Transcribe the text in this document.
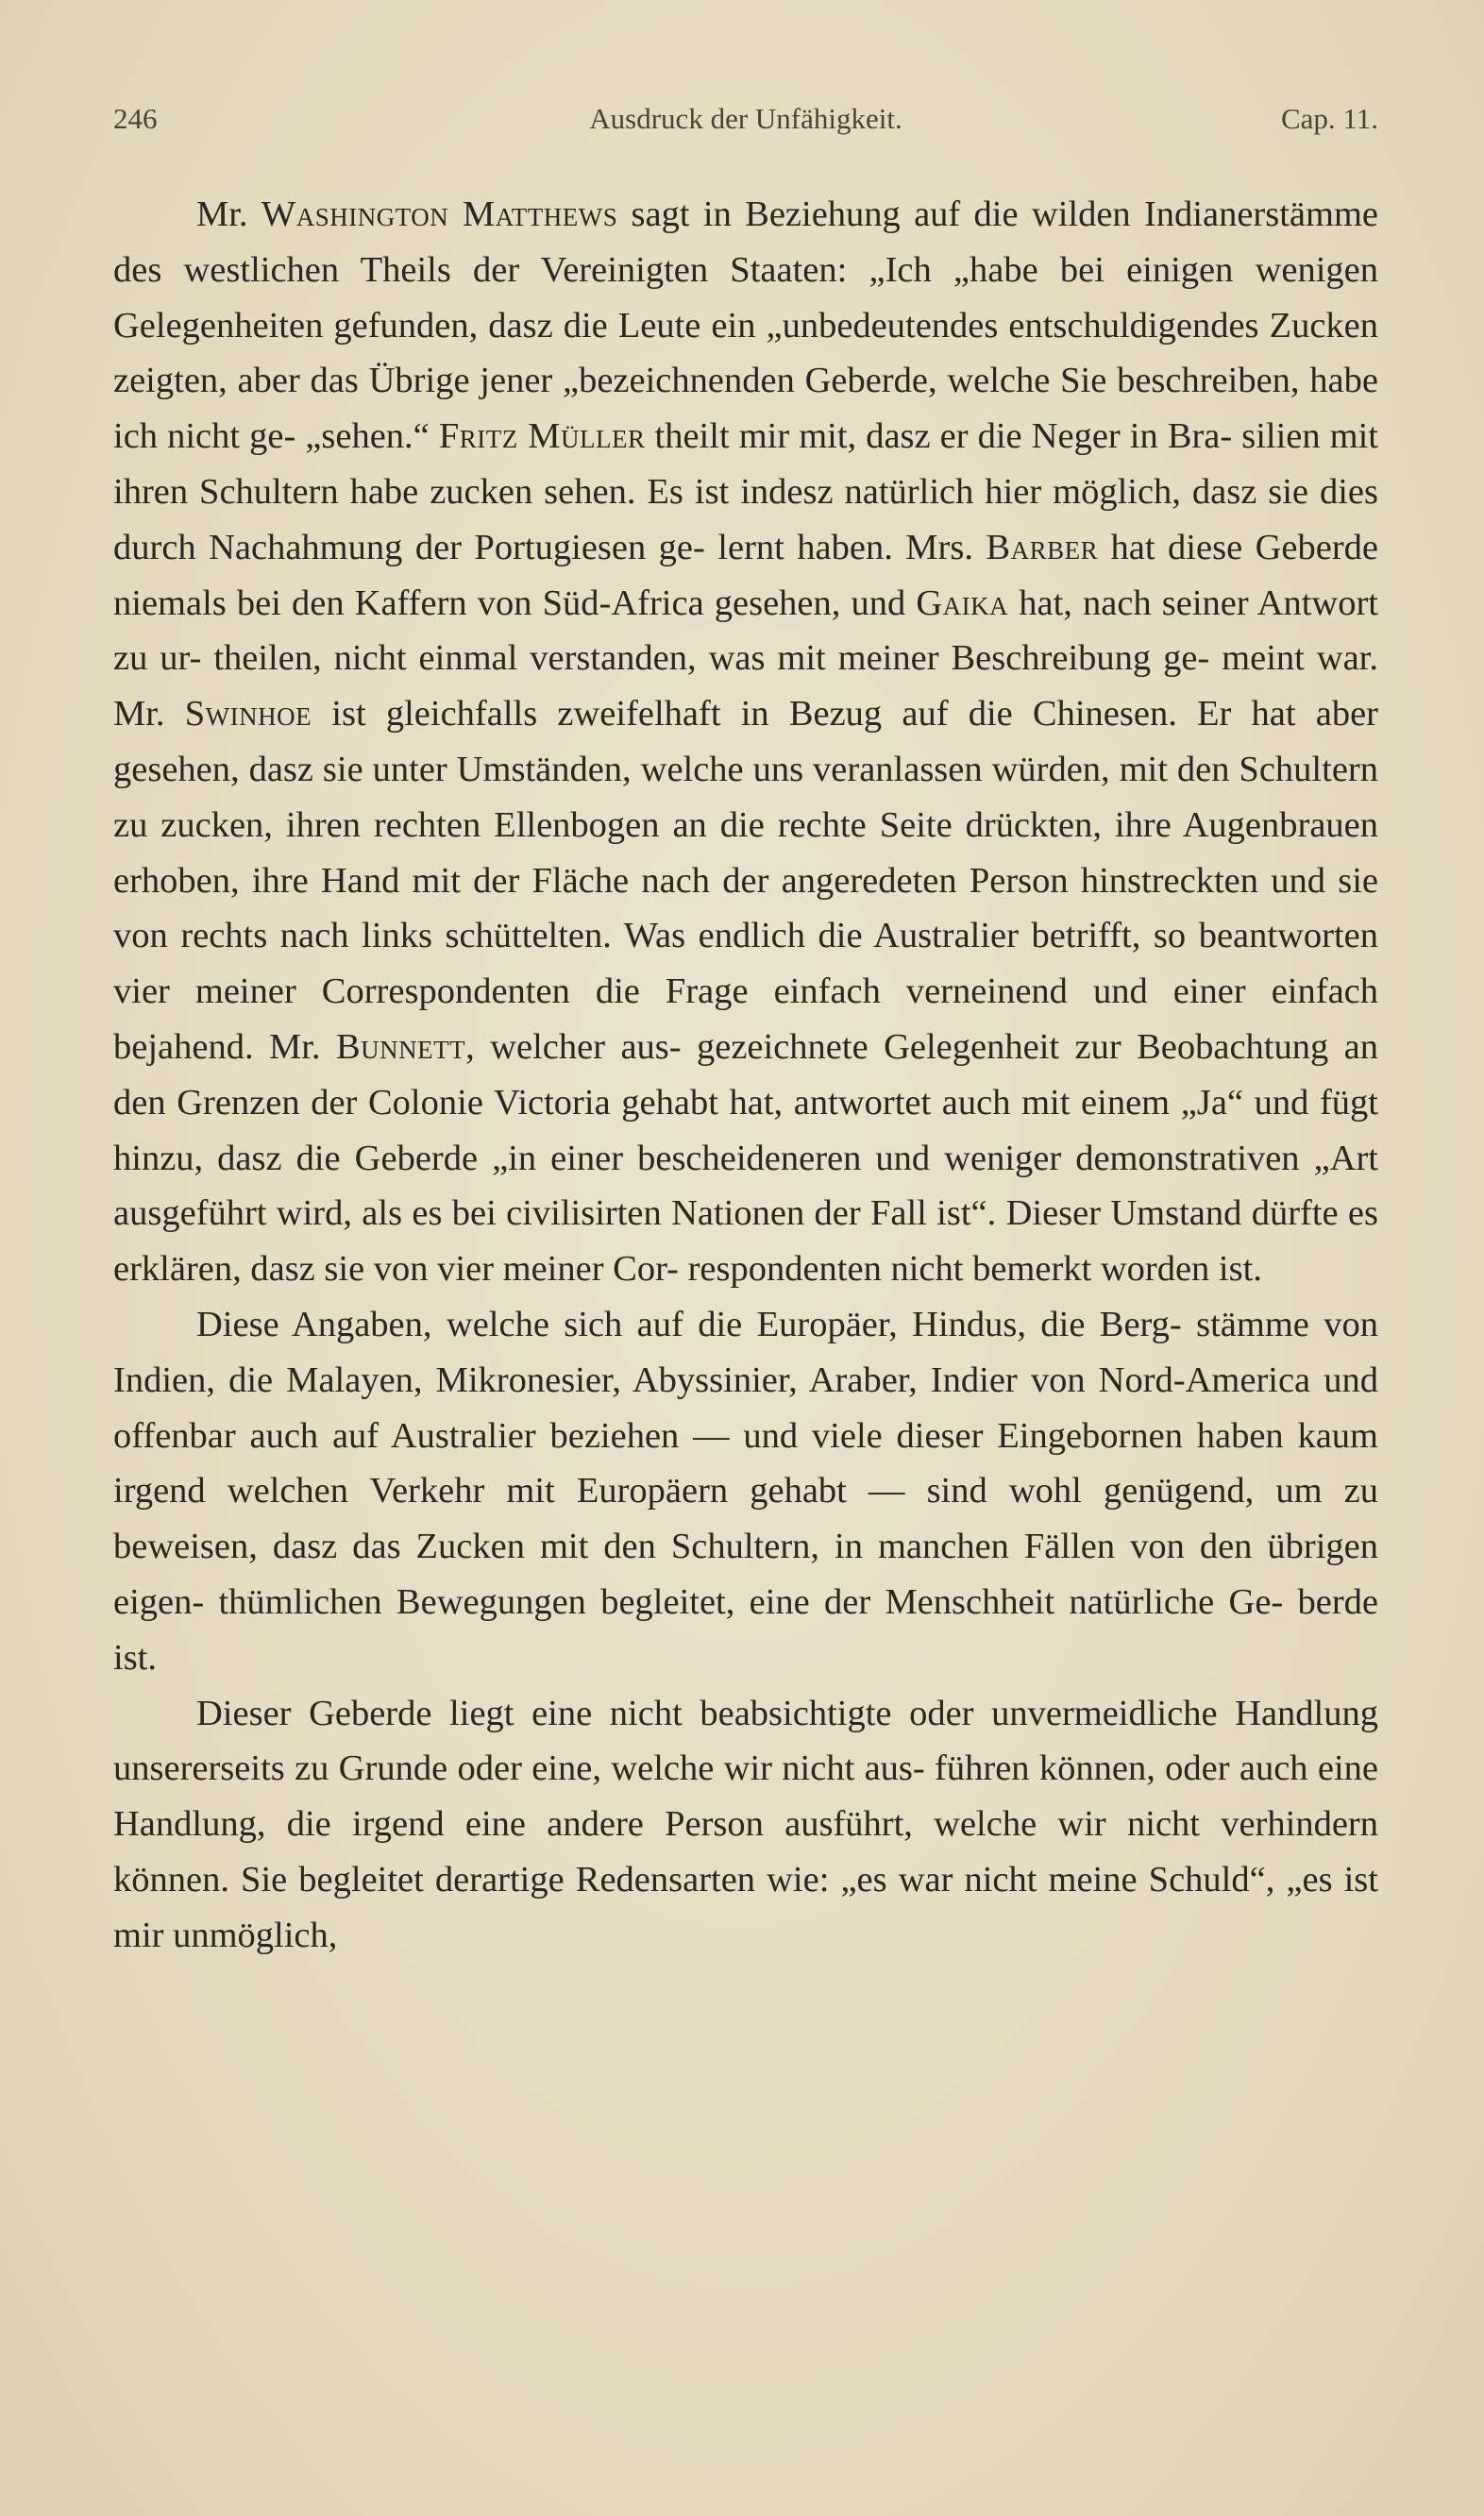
246	Ausdruck der Unfähigkeit.	Cap. 11.

Mr. Washington Matthews sagt in Beziehung auf die wilden Indianerstämme des westlichen Theils der Vereinigten Staaten: „Ich „habe bei einigen wenigen Gelegenheiten gefunden, dasz die Leute ein „unbedeutendes entschuldigendes Zucken zeigten, aber das Übrige jener „bezeichnenden Geberde, welche Sie beschreiben, habe ich nicht ge- „sehen.“ Fritz Müller theilt mir mit, dasz er die Neger in Bra- silien mit ihren Schultern habe zucken sehen. Es ist indesz natürlich hier möglich, dasz sie dies durch Nachahmung der Portugiesen ge- lernt haben. Mrs. Barber hat diese Geberde niemals bei den Kaffern von Süd-Africa gesehen, und Gaika hat, nach seiner Antwort zu ur- theilen, nicht einmal verstanden, was mit meiner Beschreibung ge- meint war. Mr. Swinhoe ist gleichfalls zweifelhaft in Bezug auf die Chinesen. Er hat aber gesehen, dasz sie unter Umständen, welche uns veranlassen würden, mit den Schultern zu zucken, ihren rechten Ellenbogen an die rechte Seite drückten, ihre Augenbrauen erhoben, ihre Hand mit der Fläche nach der angeredeten Person hinstreckten und sie von rechts nach links schüttelten. Was endlich die Australier betrifft, so beantworten vier meiner Correspondenten die Frage einfach verneinend und einer einfach bejahend. Mr. Bunnett, welcher aus- gezeichnete Gelegenheit zur Beobachtung an den Grenzen der Colonie Victoria gehabt hat, antwortet auch mit einem „Ja“ und fügt hinzu, dasz die Geberde „in einer bescheideneren und weniger demonstrativen „Art ausgeführt wird, als es bei civilisirten Nationen der Fall ist“. Dieser Umstand dürfte es erklären, dasz sie von vier meiner Cor- respondenten nicht bemerkt worden ist.

Diese Angaben, welche sich auf die Europäer, Hindus, die Berg- stämme von Indien, die Malayen, Mikronesier, Abyssinier, Araber, Indier von Nord-America und offenbar auch auf Australier beziehen — und viele dieser Eingebornen haben kaum irgend welchen Verkehr mit Europäern gehabt — sind wohl genügend, um zu beweisen, dasz das Zucken mit den Schultern, in manchen Fällen von den übrigen eigen- thümlichen Bewegungen begleitet, eine der Menschheit natürliche Ge- berde ist.

Dieser Geberde liegt eine nicht beabsichtigte oder unvermeidliche Handlung unsererseits zu Grunde oder eine, welche wir nicht aus- führen können, oder auch eine Handlung, die irgend eine andere Person ausführt, welche wir nicht verhindern können. Sie begleitet derartige Redensarten wie: „es war nicht meine Schuld“, „es ist mir unmöglich,
